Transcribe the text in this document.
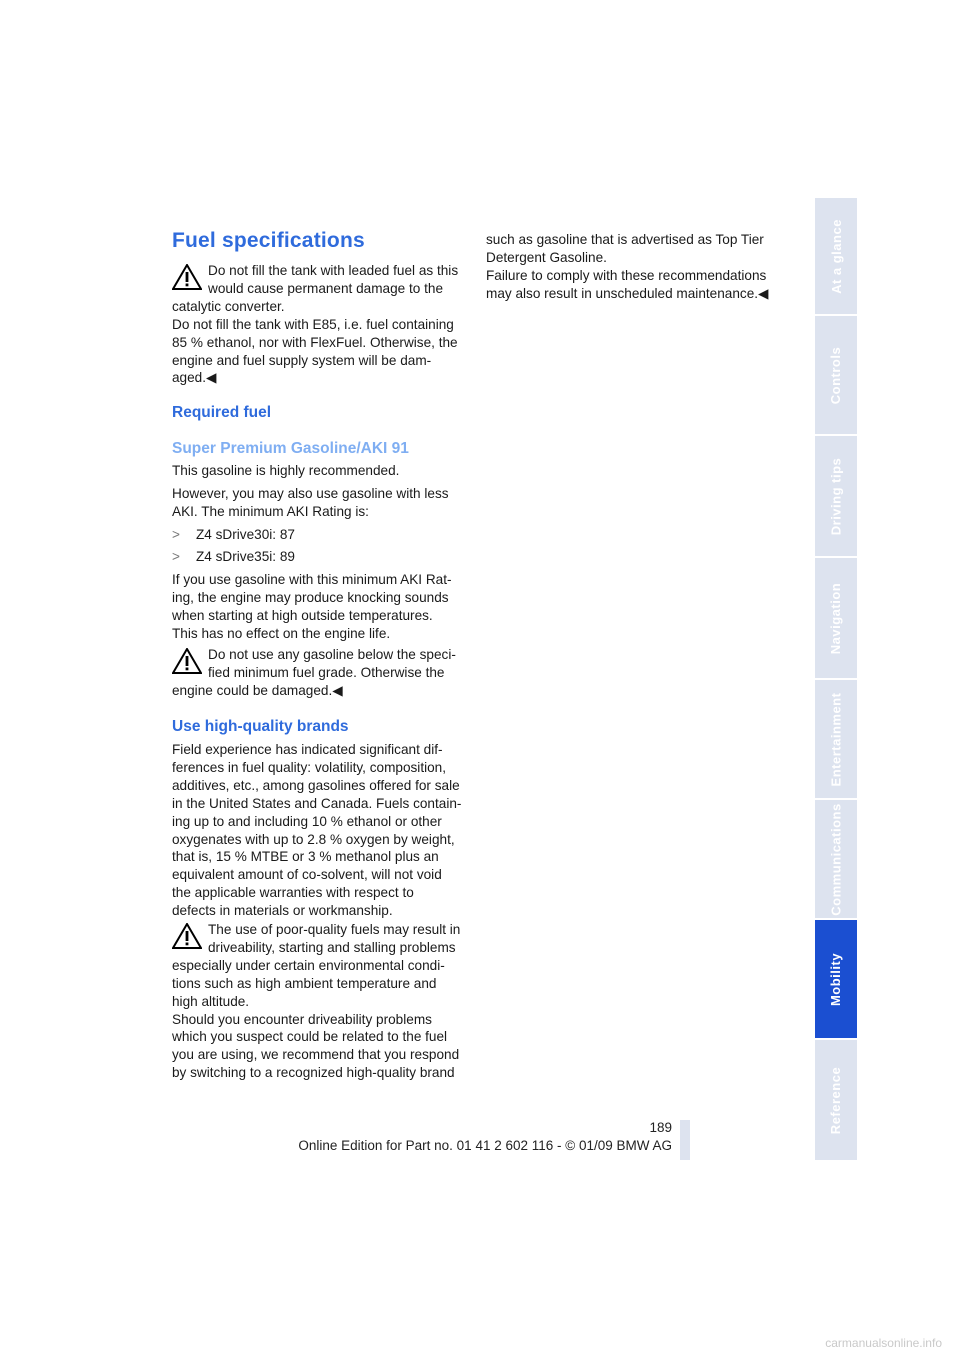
Fuel specifications

Do not fill the tank with leaded fuel as this

would cause permanent damage to the

catalytic converter.

Do not fill the tank with E85, i.e. fuel containing

85 % ethanol, nor with FlexFuel. Otherwise, the

engine and fuel supply system will be dam-

aged.◀

Required fuel
Super Premium Gasoline/AKI 91

This gasoline is highly recommended.

However, you may also use gasoline with less

AKI. The minimum AKI Rating is:

> Z4 sDrive30i: 87
> Z4 sDrive35i: 89

If you use gasoline with this minimum AKI Rat-

ing, the engine may produce knocking sounds

when starting at high outside temperatures.

This has no effect on the engine life.

Do not use any gasoline below the speci-

fied minimum fuel grade. Otherwise the

engine could be damaged.◀

Use high-quality brands

Field experience has indicated significant dif-

ferences in fuel quality: volatility, composition,

additives, etc., among gasolines offered for sale

in the United States and Canada. Fuels contain-

ing up to and including 10 % ethanol or other

oxygenates with up to 2.8 % oxygen by weight,

that is, 15 % MTBE or 3 % methanol plus an

equivalent amount of co-solvent, will not void

the applicable warranties with respect to

defects in materials or workmanship.

The use of poor-quality fuels may result in

driveability, starting and stalling problems

especially under certain environmental condi-

tions such as high ambient temperature and

high altitude.

Should you encounter driveability problems

which you suspect could be related to the fuel

you are using, we recommend that you respond

by switching to a recognized high-quality brand

such as gasoline that is advertised as Top Tier

Detergent Gasoline.

Failure to comply with these recommendations

may also result in unscheduled maintenance.◀	At a glance
Controls
Driving tips
Navigation
Entertainment
Communications
Mobility
Reference
189
Online Edition for Part no. 01 41 2 602 116 - © 01/09 BMW AG
carmanualsonline.info
